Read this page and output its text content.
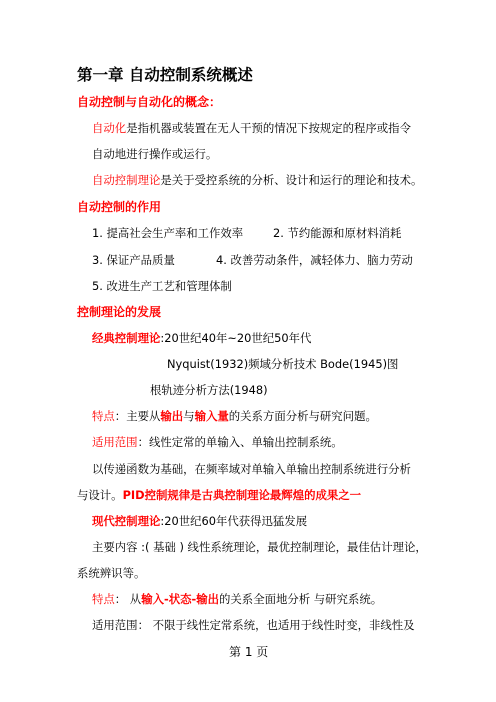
第一章 自动控制系统概述
自动控制与自动化的概念：
自动化是指机器或装置在无人干预的情况下按规定的程序或指令
自动地进行操作或运行。
自动控制理论是关于受控系统的分析、设计和运行的理论和技术。
自动控制的作用
1. 提高社会生产率和工作效率	2. 节约能源和原材料消耗
3. 保证产品质量	4. 改善劳动条件，减轻体力、脑力劳动
5. 改进生产工艺和管理体制
控制理论的发展
经典控制理论:20世纪40年~20世纪50年代
Nyquist(1932)频域分析技术 Bode(1945)图
根轨迹分析方法(1948)
特点：主要从输出与输入量的关系方面分析与研究问题。
适用范围：线性定常的单输入、单输出控制系统。
以传递函数为基础，在频率域对单输入单输出控制系统进行分析
与设计。PID控制规律是古典控制理论最辉煌的成果之一
现代控制理论:20世纪60年代获得迅猛发展
主要内容 :( 基础 ) 线性系统理论，最优控制理论，最佳估计理论，
系统辨识等。
特点： 从输入-状态-输出的关系全面地分析 与研究系统。
适用范围： 不限于线性定常系统，也适用于线性时变，非线性及
第 1 页
